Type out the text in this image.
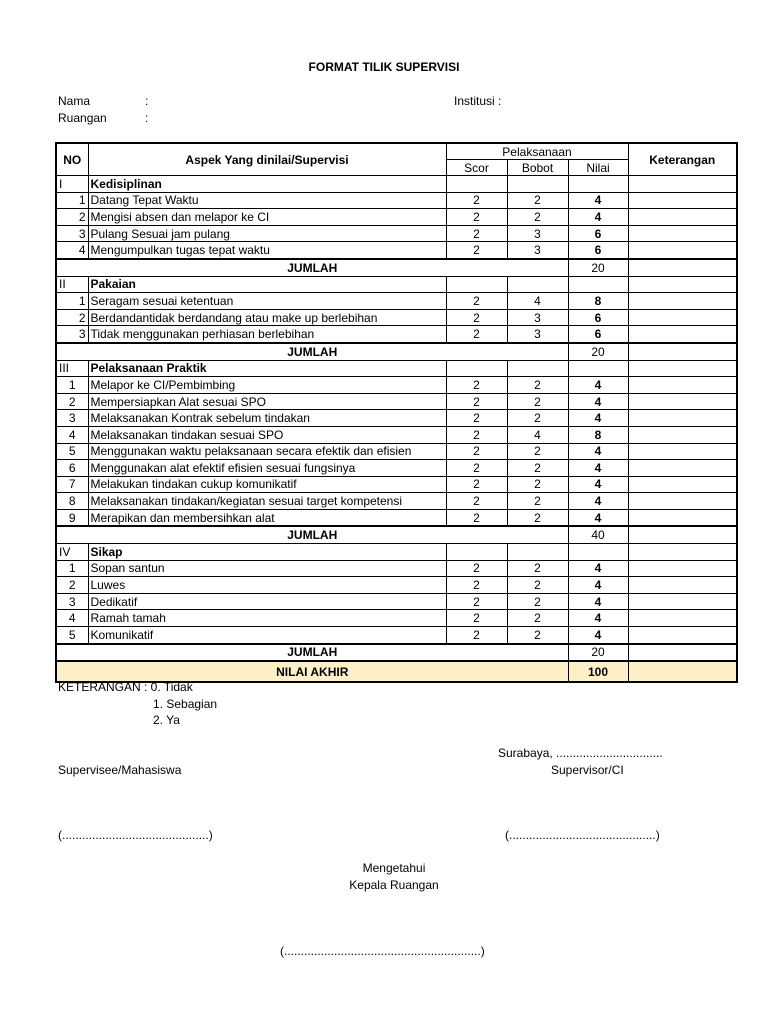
FORMAT TILIK SUPERVISI
Nama	:
Ruangan	:
Institusi :
NO	Aspek Yang dinilai/Supervisi	Pelaksanaan			Keterangan
		Scor	Bobot	Nilai	
I	Kedisiplinan				
1	Datang Tepat Waktu	2	2	4	
2	Mengisi absen dan melapor ke CI	2	2	4	
3	Pulang Sesuai jam pulang	2	3	6	
4	Mengumpulkan tugas tepat waktu	2	3	6	
JUMLAH				20	
II	Pakaian				
1	Seragam sesuai ketentuan	2	4	8	
2	Berdandantidak berdandang atau make up berlebihan	2	3	6	
3	Tidak menggunakan perhiasan berlebihan	2	3	6	
JUMLAH				20	
III	Pelaksanaan Praktik				
1	Melapor ke CI/Pembimbing	2	2	4	
2	Mempersiapkan Alat sesuai SPO	2	2	4	
3	Melaksanakan Kontrak sebelum tindakan	2	2	4	
4	Melaksanakan tindakan sesuai SPO	2	4	8	
5	Menggunakan waktu pelaksanaan secara efektik dan efisien	2	2	4	
6	Menggunakan alat efektif efisien sesuai fungsinya	2	2	4	
7	Melakukan tindakan cukup komunikatif	2	2	4	
8	Melaksanakan tindakan/kegiatan sesuai target kompetensi	2	2	4	
9	Merapikan dan membersihkan alat	2	2	4	
JUMLAH				40	
IV	Sikap				
1	Sopan santun	2	2	4	
2	Luwes	2	2	4	
3	Dedikatif	2	2	4	
4	Ramah tamah	2	2	4	
5	Komunikatif	2	2	4	
JUMLAH				20	
NILAI AKHIR				100	
KETERANGAN : 0. Tidak
1. Sebagian
2. Ya
Surabaya, ................................
Supervisee/Mahasiswa	Supervisor/CI
(............................................)	(............................................)
Mengetahui
Kepala Ruangan
(...........................................................)
